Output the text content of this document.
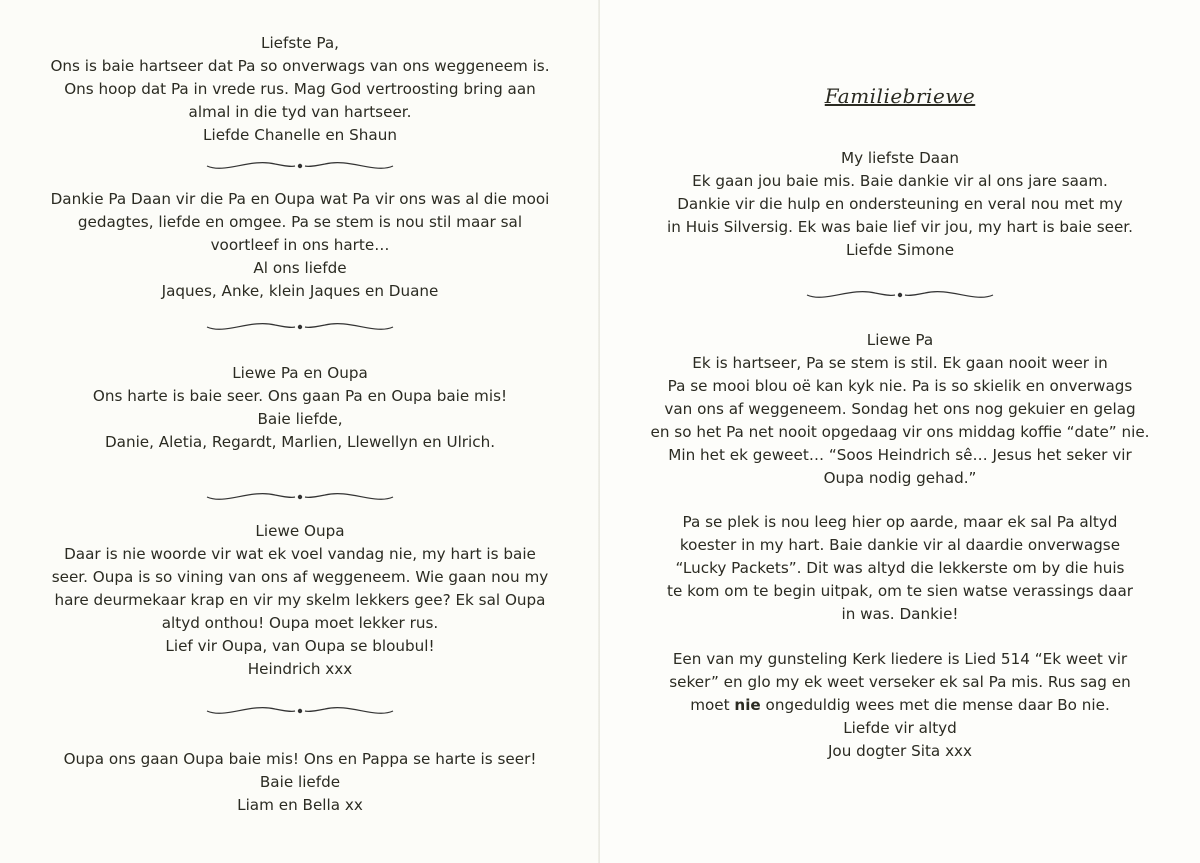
Liefste Pa,
Ons is baie hartseer dat Pa so onverwags van ons weggeneem is.
Ons hoop dat Pa in vrede rus. Mag God vertroosting bring aan
almal in die tyd van hartseer.
Liefde Chanelle en Shaun
Dankie Pa Daan vir die Pa en Oupa wat Pa vir ons was al die mooi
gedagtes, liefde en omgee. Pa se stem is nou stil maar sal
voortleef in ons harte…
Al ons liefde
Jaques, Anke, klein Jaques en Duane
Liewe Pa en Oupa
Ons harte is baie seer. Ons gaan Pa en Oupa baie mis!
Baie liefde,
Danie, Aletia, Regardt, Marlien, Llewellyn en Ulrich.
Liewe Oupa
Daar is nie woorde vir wat ek voel vandag nie, my hart is baie
seer. Oupa is so vining van ons af weggeneem. Wie gaan nou my
hare deurmekaar krap en vir my skelm lekkers gee? Ek sal Oupa
altyd onthou! Oupa moet lekker rus.
Lief vir Oupa, van Oupa se bloubul!
Heindrich xxx
Oupa ons gaan Oupa baie mis! Ons en Pappa se harte is seer!
Baie liefde
Liam en Bella xx
Familiebriewe
My liefste Daan
Ek gaan jou baie mis. Baie dankie vir al ons jare saam.
Dankie vir die hulp en ondersteuning en veral nou met my
in Huis Silversig. Ek was baie lief vir jou, my hart is baie seer.
Liefde Simone
Liewe Pa
Ek is hartseer, Pa se stem is stil. Ek gaan nooit weer in
Pa se mooi blou oë kan kyk nie. Pa is so skielik en onverwags
van ons af weggeneem. Sondag het ons nog gekuier en gelag
en so het Pa net nooit opgedaag vir ons middag koffie “date” nie.
Min het ek geweet… “Soos Heindrich sê… Jesus het seker vir
Oupa nodig gehad.”
Pa se plek is nou leeg hier op aarde, maar ek sal Pa altyd
koester in my hart. Baie dankie vir al daardie onverwagse
“Lucky Packets”. Dit was altyd die lekkerste om by die huis
te kom om te begin uitpak, om te sien watse verassings daar
in was. Dankie!
Een van my gunsteling Kerk liedere is Lied 514 “Ek weet vir
seker” en glo my ek weet verseker ek sal Pa mis. Rus sag en
moet nie ongeduldig wees met die mense daar Bo nie.
Liefde vir altyd
Jou dogter Sita xxx
